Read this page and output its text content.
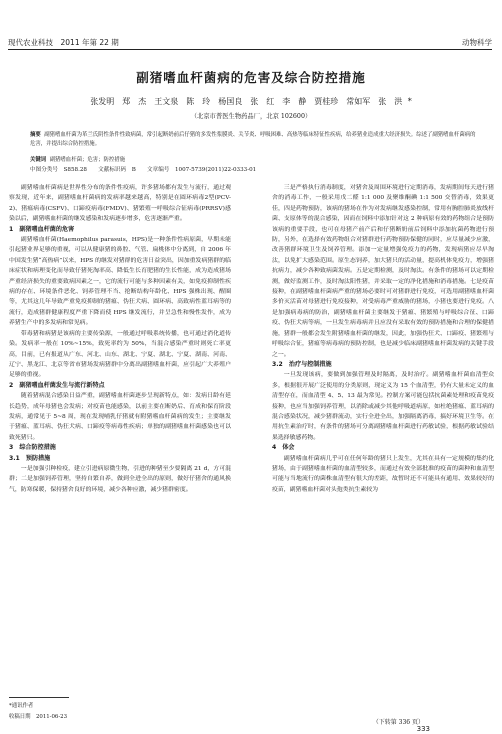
现代农业科技　2011 年第 22 期	动物科学
副猪嗜血杆菌病的危害及综合防控措施
张发明　郑　杰　王文泉　陈　玲　杨国良　张　红　李　静　贾桂珍　常如军　张　洪 *
（北京市普医生物药品厂，北京 102600）
摘要 副猪嗜血杆菌为革兰氏阴性条件性致病菌，常引起断奶前后仔猪的多发性浆膜炎、关节炎、呼吸困难、高热等临床特征性疾病，给养猪业造成重大经济损失。综述了副猪嗜血杆菌病的危害，并提出综合防控措施。
关键词 副猪嗜血杆菌；危害；防控措施
中图分类号　S858.28　　文献标识码　B　　文章编号　1007-5739(2011)22-0333-01

副猪嗜血杆菌病是世界性分布的条件性疫病，许多猪场都有发生与流行，通过观察发现，近年来，副猪嗜血杆菌病的发病率越来越高，特别是在圆环病毒2型(PCV-2)、猪瘟病毒(CSFV)、口蹄疫病毒(FMDV)、猪繁殖一呼吸综合征病毒(PRRSV)感染以后，副猪嗜血杆菌的继发感染和发病逐步增多，危害逐渐严重。

1　副猪嗜血杆菌的危害

副猪嗜血杆菌(Haemophilus parasuis，HPS)是一种条件性病原菌，早期未能引起猪业界足够的重视，可以从健康猪的鼻腔、气管、扁桃体中分离到，自 2006 年中国发生猪“高热病”以来，HPS 的继发对猪群的危害日益突出，因加重发病猪群的临床症状和病理变化而导致仔猪死淘率高、降低生长育肥猪的生长性能，成为造成猪场严重经济损失的重要致病因素之一，它的流行可能与多种因素有关，如免疫抑制性疾病的存在、环境条件恶化、饲养管理不当、抢断结构年龄化、HPS 强株出现、醒圈等，尤其这几年导致严重免疫抑制的猪瘟、伪狂犬病、圆环病、高致病性蓝耳病等的流行，造成猪群健康程度严重下降而使 HPS 继发流行，并呈急性和慢性发作，成为养猪生产中的多发病和常见病。

带毒猪和病猪是该病的主要传染源，一般通过呼吸系统传播，也可通过消化道传染。发病率一般在 10%~15%，致死率约为 50%，当混合感染严重时则死亡率更高，目前，已有报道从广东、河北、山东、湖北、宁夏、湖北、宁夏、湖南、河南、辽宁、黑龙江、北京等省市猪场发病猪群中分离出副猪嗜血杆菌，应引起广大养殖户足够的重视。

2　副猪嗜血杆菌发生与流行新特点

随着猪病混合感染日益严重，副猪嗜血杆菌逐步呈现新特点，如：发病日龄有延长趋势，成年母猪也会发病；对疫苗也能感染，以前主要在断奶后、育成和保育阶段发病，通常见于 5~8 周，现在发现哺乳仔猪就有附猪嗜血杆菌病的发生；主要继发于猪瘟、蓝耳病、伪狂犬病、口蹄疫等病毒性疾病；单独的副猪嗜血杆菌感染也可以致死猪只。

3　综合防控措施
3.1　预防措施

一是加强引种检疫，建立引进病原微生物，引进的种猪至少要隔离 21 d，方可混群；二是加强饲养管理，坚持自繁自养，做到全进全出的原则，做好仔猪舍的通风换气，防寒保暖，保持猪舍良好的环境，减少各种应激，减少猪群密度。

三是严格执行消毒制度，对猪舍及周围环境进行定期消毒，发病期间每天进行猪舍的消毒工作，一般采用戊二醛 1:1 000 及聚维酮碘 1:1 500 交替消毒，效果更佳，四是药物预防，该病的猪场在作为对发病继发感染控制，常用有胸腔肺炎放线杆菌、支原体等的混合感染，因而在饲料中添加针对这 2 种病原有效的药物组合是预防该病的重要手段，也可在母猪产前产后和仔猪断奶前后饲料中添加抗菌药物进行预防，另外，在选择有效药物组合对猪群进行药物预防保健的同时，应尽量减少应激，改善猪群环境卫生及饲养管理。添加一定量增强免疫力的药物，发现病猪应尽早淘汰，以免扩大感染范围。原生态饲养，加大猪只的活动量，提高机体免疫力，增强猪抗病力，减少各种致病菌发病。五是定期检测，及时淘汰。有条件的猪场可以定期检测，做好监测工作，及时淘汰阳性猪，并采取一定的净化措施和消毒措施。七是疫苗接种，在副猪嗜血杆菌病严重的猪场必要时可对猪群进行免疫，可选用副猪嗜血杆菌多价灭活苗对母猪进行免疫接种，对受病毒严重威胁的猪场，小猪也要进行免疫。八是加强病毒病的防治，副猪嗜血杆菌主要继发于猪瘟、猪繁殖与呼吸综合征、口蹄疫、伪狂犬病等病，一旦发生病毒病并且应没有采取有效的预防措施和合理的保健措施，猪群一般都会发生附猪嗜血杆菌的继发，因此，加强伪狂犬、口蹄疫、猪繁殖与呼吸综合征，猪瘟等病毒病的预防控制，也是减少临床副猪嗜血杆菌发病的关键手段之一。

3.2　治疗与控制措施

一旦发现该病，要做到加强管理及时隔离，及时治疗。副猪嗜血杆菌血清型众多，根据很开展广泛使用的分类原则，现定义为 15 个血清型，仍有大量未定义的血清型存在，而血清型 4、5、13 最为常见。控制方案可能包括抗菌素处理和疫苗免疫接种，也应当加强饲养管理，以消除或减少其他呼吸道病原，如杜绝猪瘟、蓝耳病的混合感染状况，减少猪群流动，实行全进全出，加强隔离消毒，搞好环境卫生等。在用抗生素治疗时，有条件的猪场可分离副猪嗜血杆菌进行药敏试验，根据药敏试验结果选择敏感药物。

4　体会

副猪嗜血杆菌病几乎可在任何年龄的猪只上发生，尤其在具有一定规模的集约化猪场，由于副猪嗜血杆菌的血清型较多，而通过有效全部批准的疫苗的菌种和血清型可能与当地流行的菌株血清型有很大的差距，故暂时还不可能具有通用、效果较好的疫苗，副猪嗜血杆菌对头孢类抗生素较为

*通讯作者
收稿日期　2011-06-23
（下转第 336 页）
333
